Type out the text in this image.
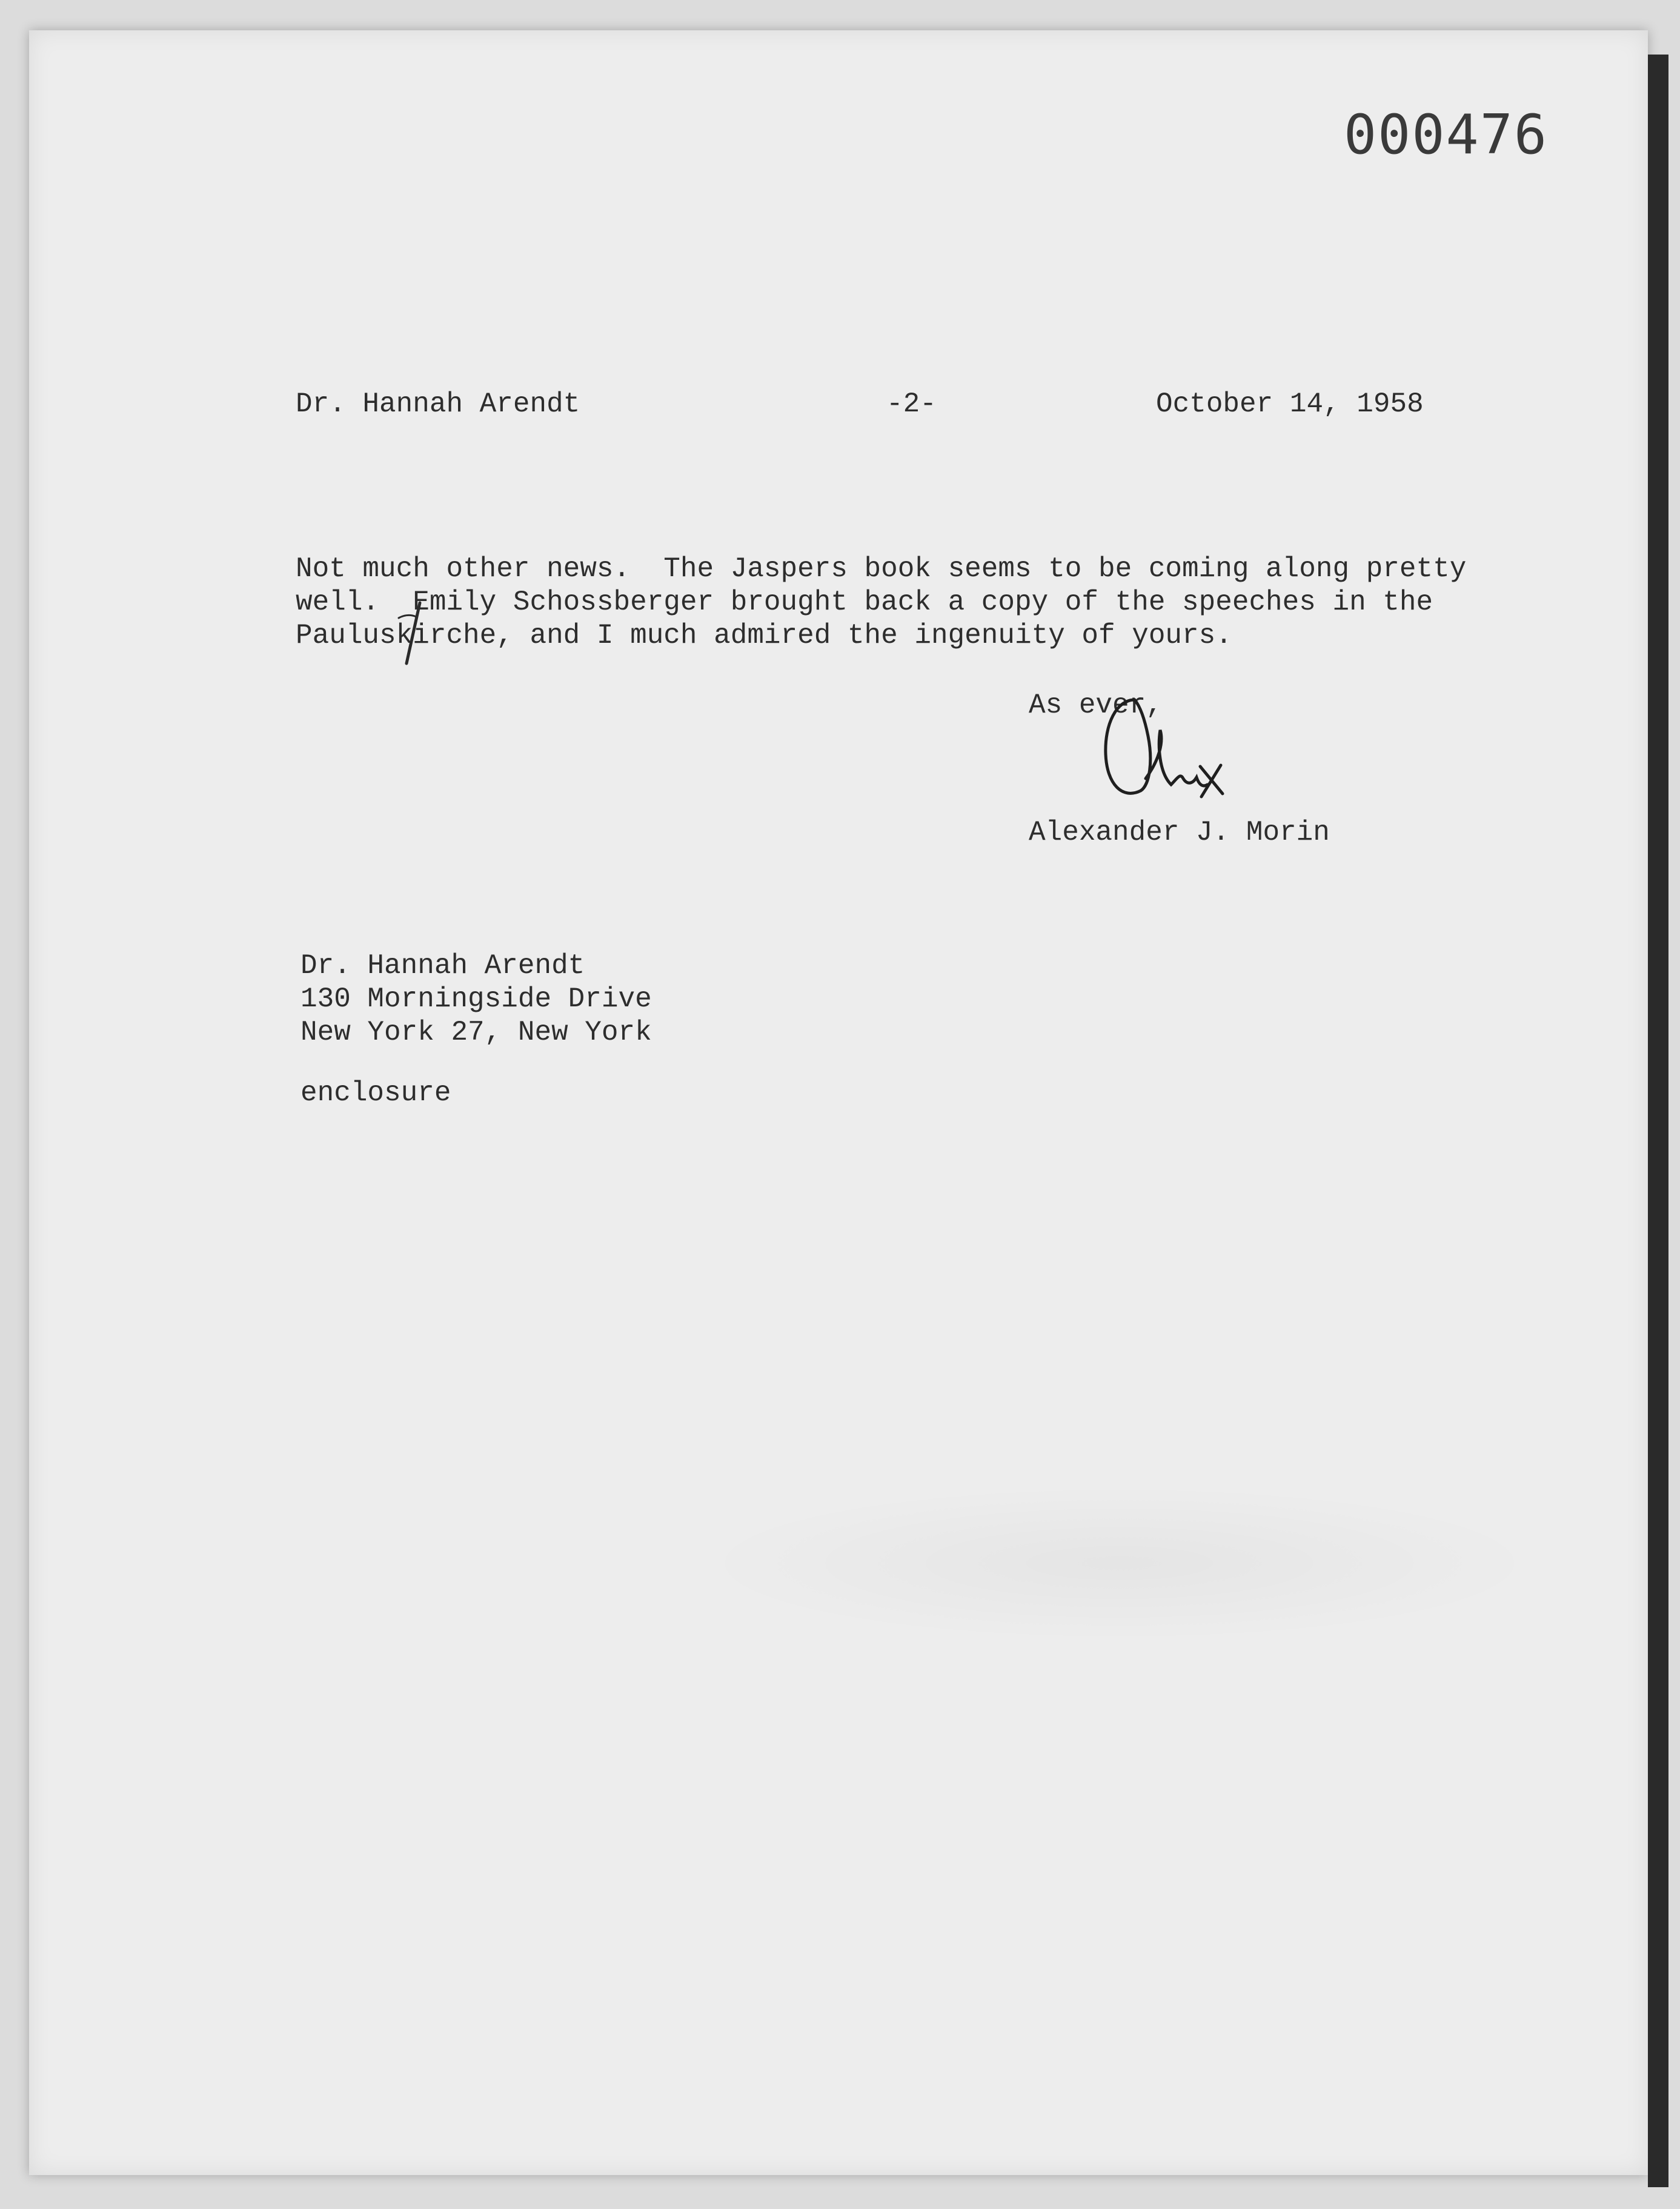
000476
Dr. Hannah Arendt	-2-	October 14, 1958
Not much other news.  The Jaspers book seems to be coming along pretty
well.  Emily Schossberger brought back a copy of the speeches in the
Pauluskirche, and I much admired the ingenuity of yours.
As ever,
Alexander J. Morin
Dr. Hannah Arendt
130 Morningside Drive
New York 27, New York
enclosure
